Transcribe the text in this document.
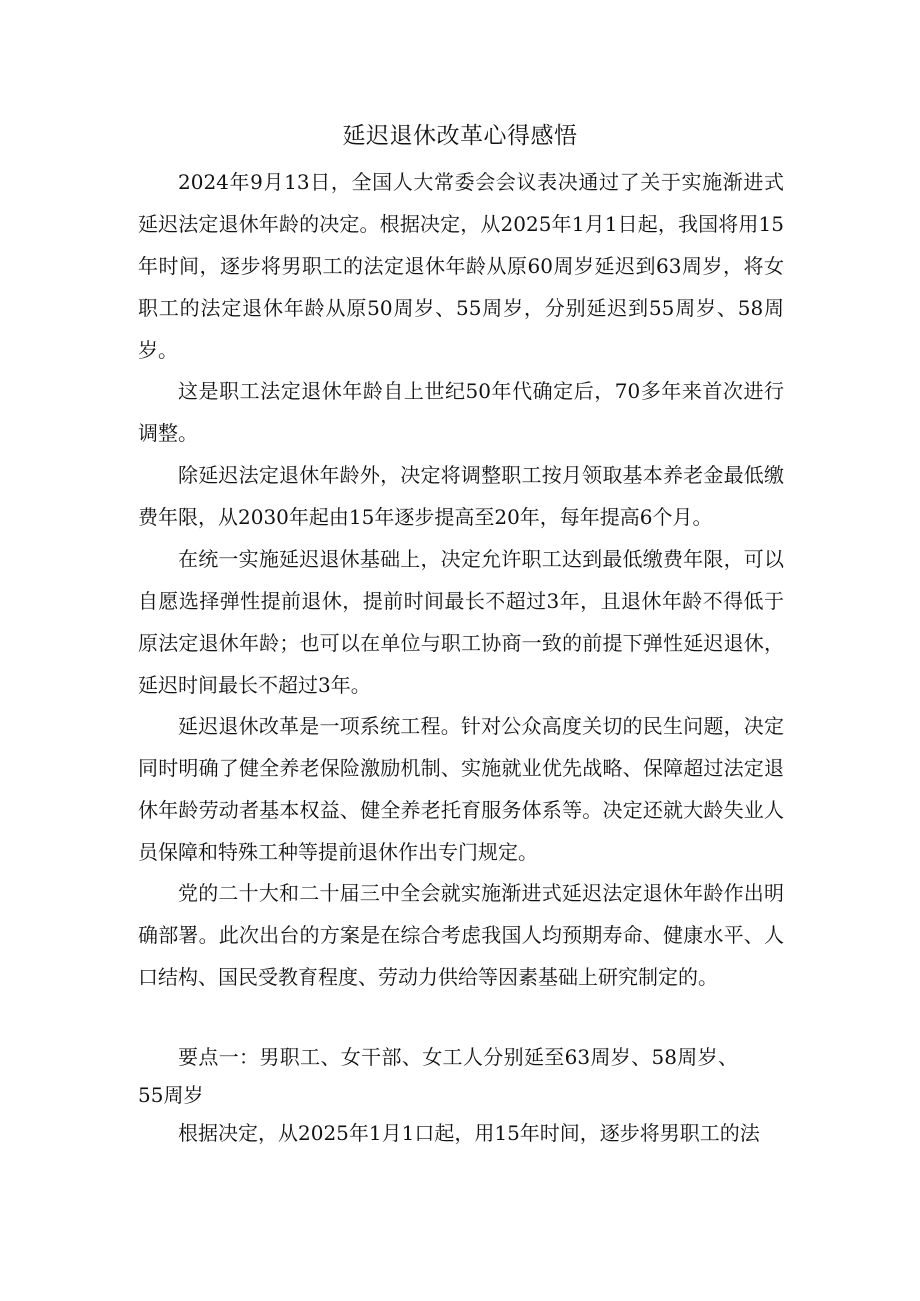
延迟退休改革心得感悟

2024年9月13日，全国人大常委会会议表决通过了关于实施渐进式延迟法定退休年龄的决定。根据决定，从2025年1月1日起，我国将用15年时间，逐步将男职工的法定退休年龄从原60周岁延迟到63周岁，将女职工的法定退休年龄从原50周岁、55周岁，分别延迟到55周岁、58周岁。

这是职工法定退休年龄自上世纪50年代确定后，70多年来首次进行调整。

除延迟法定退休年龄外，决定将调整职工按月领取基本养老金最低缴费年限，从2030年起由15年逐步提高至20年，每年提高6个月。

在统一实施延迟退休基础上，决定允许职工达到最低缴费年限，可以自愿选择弹性提前退休，提前时间最长不超过3年，且退休年龄不得低于原法定退休年龄；也可以在单位与职工协商一致的前提下弹性延迟退休，延迟时间最长不超过3年。

延迟退休改革是一项系统工程。针对公众高度关切的民生问题，决定同时明确了健全养老保险激励机制、实施就业优先战略、保障超过法定退休年龄劳动者基本权益、健全养老托育服务体系等。决定还就大龄失业人员保障和特殊工种等提前退休作出专门规定。

党的二十大和二十届三中全会就实施渐进式延迟法定退休年龄作出明确部署。此次出台的方案是在综合考虑我国人均预期寿命、健康水平、人口结构、国民受教育程度、劳动力供给等因素基础上研究制定的。

要点一：男职工、女干部、女工人分别延至63周岁、58周岁、55周岁

根据决定，从2025年1月1口起，用15年时间，逐步将男职工的法
